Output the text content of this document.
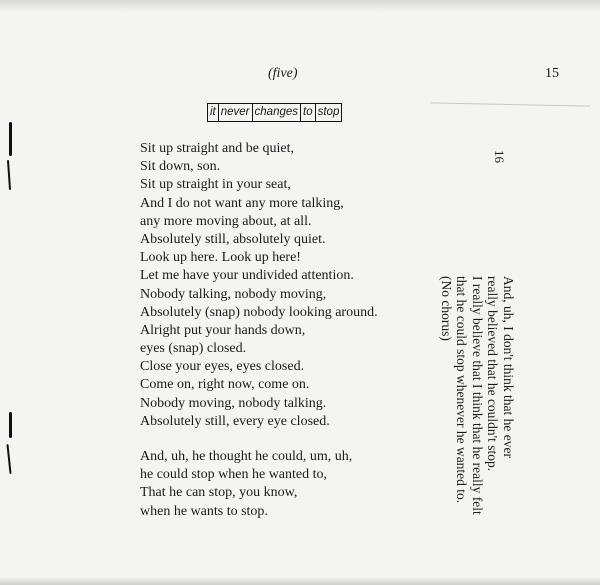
(five)	15
it never changes to stop
Sit up straight and be quiet,
Sit down, son.
Sit up straight in your seat,
And I do not want any more talking,
any more moving about, at all.
Absolutely still, absolutely quiet.
Look up here. Look up here!
Let me have your undivided attention.
Nobody talking, nobody moving,
Absolutely (snap) nobody looking around.
Alright put your hands down,
eyes (snap) closed.
Close your eyes, eyes closed.
Come on, right now, come on.
Nobody moving, nobody talking.
Absolutely still, every eye closed.
And, uh, he thought he could, um, uh,
he could stop when he wanted to,
That he can stop, you know,
when he wants to stop.
16
And, uh, I don't think that he ever
really believed that he couldn't stop.
I really believe that I think that he really felt
that he could stop whenever he wanted to.
(No chorus)
